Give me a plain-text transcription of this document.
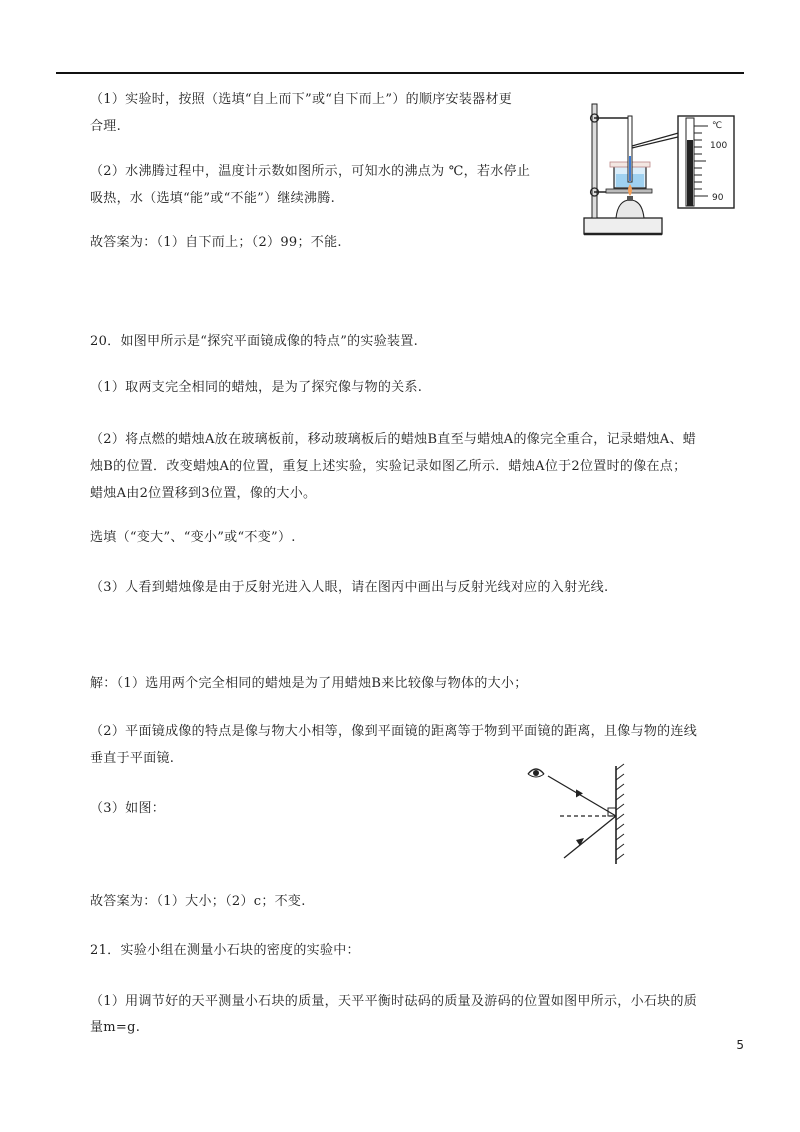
（1）实验时，按照（选填“自上而下”或“自下而上”）的顺序安装器材更
合理.
（2）水沸腾过程中，温度计示数如图所示，可知水的沸点为 ℃，若水停止
吸热，水（选填“能”或“不能”）继续沸腾.
故答案为：（1）自下而上；（2）99；不能.
℃
100
90
20．如图甲所示是“探究平面镜成像的特点”的实验装置.
（1）取两支完全相同的蜡烛，是为了探究像与物的关系.
（2）将点燃的蜡烛A放在玻璃板前，移动玻璃板后的蜡烛B直至与蜡烛A的像完全重合，记录蜡烛A、蜡
烛B的位置．改变蜡烛A的位置，重复上述实验，实验记录如图乙所示．蜡烛A位于2位置时的像在点；
蜡烛A由2位置移到3位置，像的大小。
选填（“变大”、“变小”或“不变”）.
（3）人看到蜡烛像是由于反射光进入人眼，请在图丙中画出与反射光线对应的入射光线.
解：（1）选用两个完全相同的蜡烛是为了用蜡烛B来比较像与物体的大小；
（2）平面镜成像的特点是像与物大小相等，像到平面镜的距离等于物到平面镜的距离，且像与物的连线
垂直于平面镜.
（3）如图：
故答案为：（1）大小；（2）c；不变.
21．实验小组在测量小石块的密度的实验中：
（1）用调节好的天平测量小石块的质量，天平平衡时砝码的质量及游码的位置如图甲所示，小石块的质
量m=g.
5
